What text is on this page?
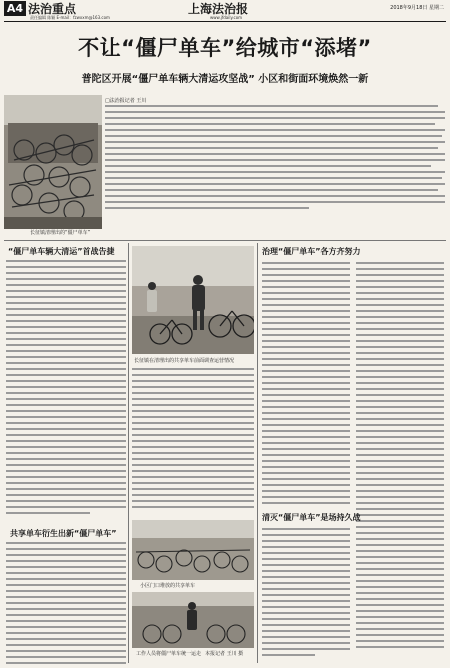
A4 法治重点
责任编辑 陈颖 E-mail：fzwxxm@163.com
上海法治报
www.jfdaily.com
2018年9月18日 星期二
不让“僵尸单车”给城市“添堵”
普陀区开展“僵尸单车辆大清运攻坚战” 小区和街面环境焕然一新
长征镇清理出的“僵尸单车”
□法治报记者 王川
“僵尸单车辆大清运”首战告捷
共享单车衍生出新“僵尸单车”
长征镇在清理出的共享单车前面调查运营情况
小区门口堆放的共享单车
工作人员将僵尸单车统一运走 本报记者 王川 摄
治理“僵尸单车”各方齐努力
清灭“僵尸单车”是场持久战
